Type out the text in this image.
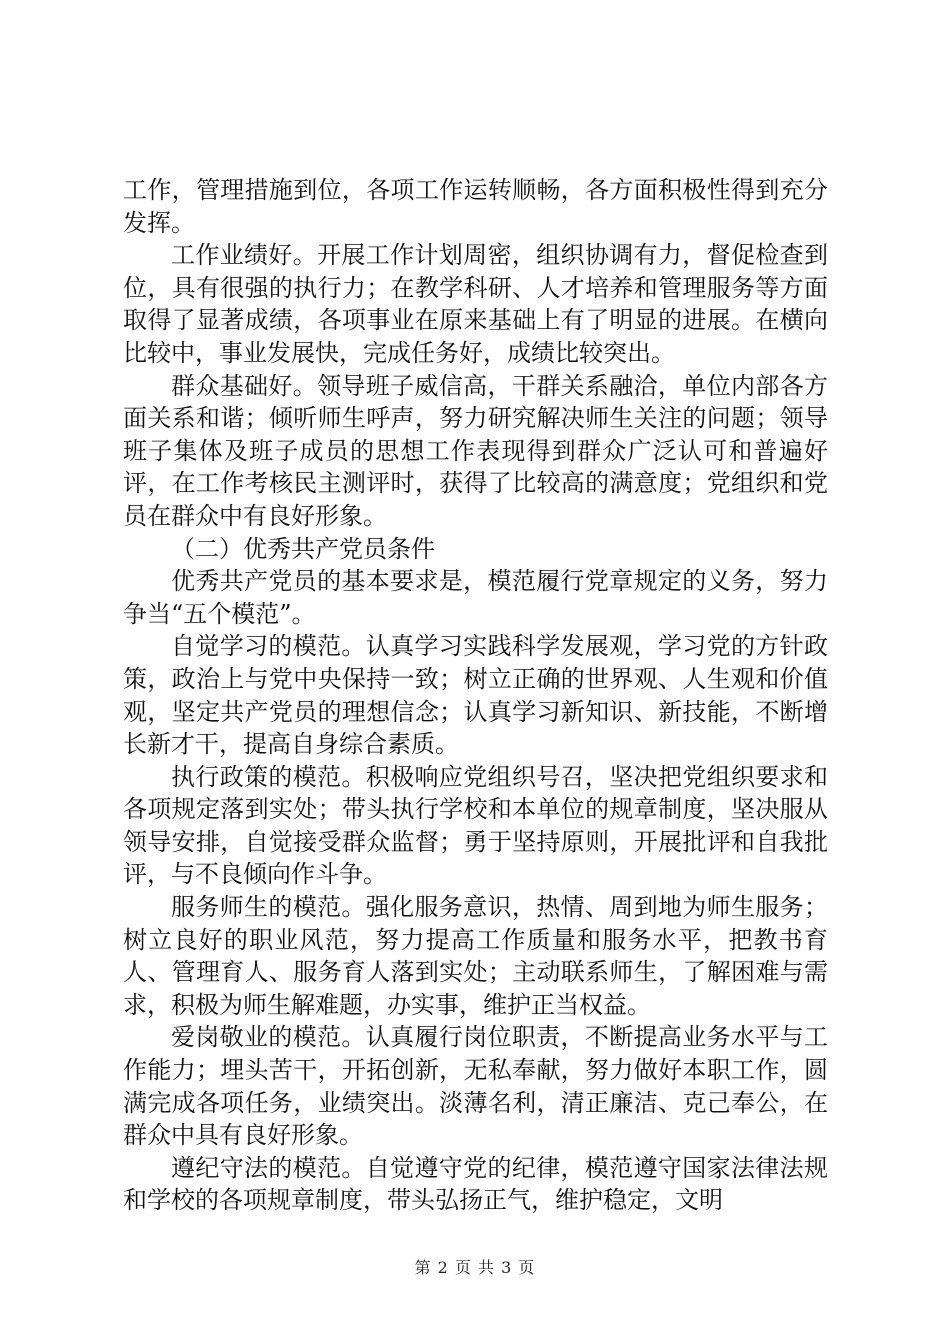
工作，管理措施到位，各项工作运转顺畅，各方面积极性得到充分发挥。

工作业绩好。开展工作计划周密，组织协调有力，督促检查到位，具有很强的执行力；在教学科研、人才培养和管理服务等方面取得了显著成绩，各项事业在原来基础上有了明显的进展。在横向比较中，事业发展快，完成任务好，成绩比较突出。

群众基础好。领导班子威信高，干群关系融洽，单位内部各方面关系和谐；倾听师生呼声，努力研究解决师生关注的问题；领导班子集体及班子成员的思想工作表现得到群众广泛认可和普遍好评，在工作考核民主测评时，获得了比较高的满意度；党组织和党员在群众中有良好形象。

（二）优秀共产党员条件

优秀共产党员的基本要求是，模范履行党章规定的义务，努力争当“五个模范”。

自觉学习的模范。认真学习实践科学发展观，学习党的方针政策，政治上与党中央保持一致；树立正确的世界观、人生观和价值观，坚定共产党员的理想信念；认真学习新知识、新技能，不断增长新才干，提高自身综合素质。

执行政策的模范。积极响应党组织号召，坚决把党组织要求和各项规定落到实处；带头执行学校和本单位的规章制度，坚决服从领导安排，自觉接受群众监督；勇于坚持原则，开展批评和自我批评，与不良倾向作斗争。

服务师生的模范。强化服务意识，热情、周到地为师生服务；树立良好的职业风范，努力提高工作质量和服务水平，把教书育人、管理育人、服务育人落到实处；主动联系师生，了解困难与需求，积极为师生解难题，办实事，维护正当权益。

爱岗敬业的模范。认真履行岗位职责，不断提高业务水平与工作能力；埋头苦干，开拓创新，无私奉献，努力做好本职工作，圆满完成各项任务，业绩突出。淡薄名利，清正廉洁、克己奉公，在群众中具有良好形象。

遵纪守法的模范。自觉遵守党的纪律，模范遵守国家法律法规和学校的各项规章制度，带头弘扬正气，维护稳定，文明

第 2 页 共 3 页
